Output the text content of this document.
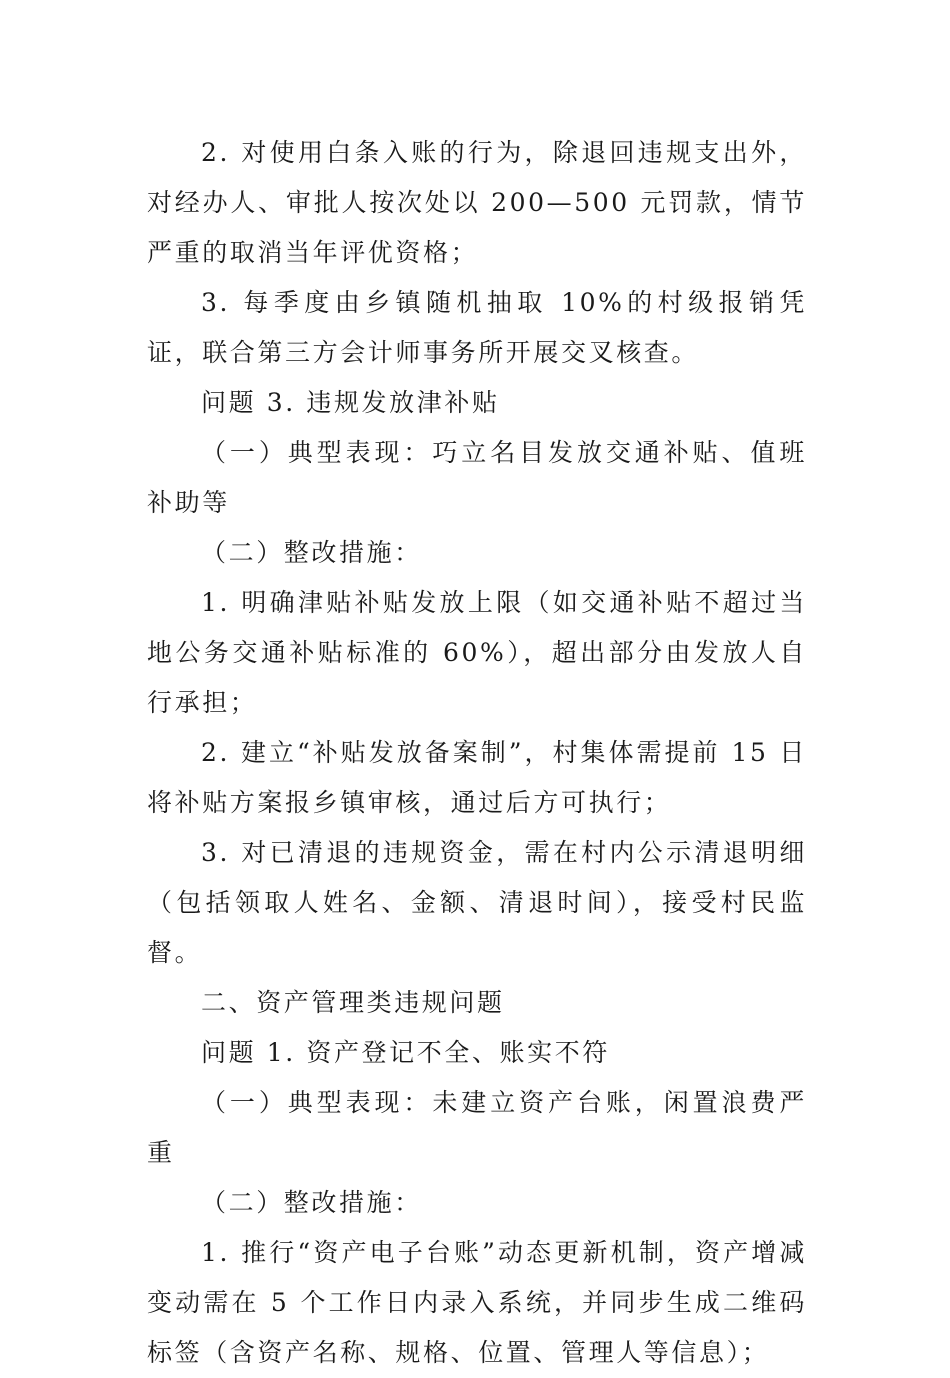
2. 对使用白条入账的行为，除退回违规支出外，对经办人、审批人按次处以 200—500 元罚款，情节严重的取消当年评优资格；

3. 每季度由乡镇随机抽取 10%的村级报销凭证，联合第三方会计师事务所开展交叉核查。

问题 3. 违规发放津补贴

（一）典型表现：巧立名目发放交通补贴、值班补助等

（二）整改措施：

1. 明确津贴补贴发放上限（如交通补贴不超过当地公务交通补贴标准的 60%），超出部分由发放人自行承担；

2. 建立“补贴发放备案制”，村集体需提前 15 日将补贴方案报乡镇审核，通过后方可执行；

3. 对已清退的违规资金，需在村内公示清退明细（包括领取人姓名、金额、清退时间），接受村民监督。

二、资产管理类违规问题

问题 1. 资产登记不全、账实不符

（一）典型表现：未建立资产台账，闲置浪费严重

（二）整改措施：

1. 推行“资产电子台账”动态更新机制，资产增减变动需在 5 个工作日内录入系统，并同步生成二维码标签（含资产名称、规格、位置、管理人等信息）；
